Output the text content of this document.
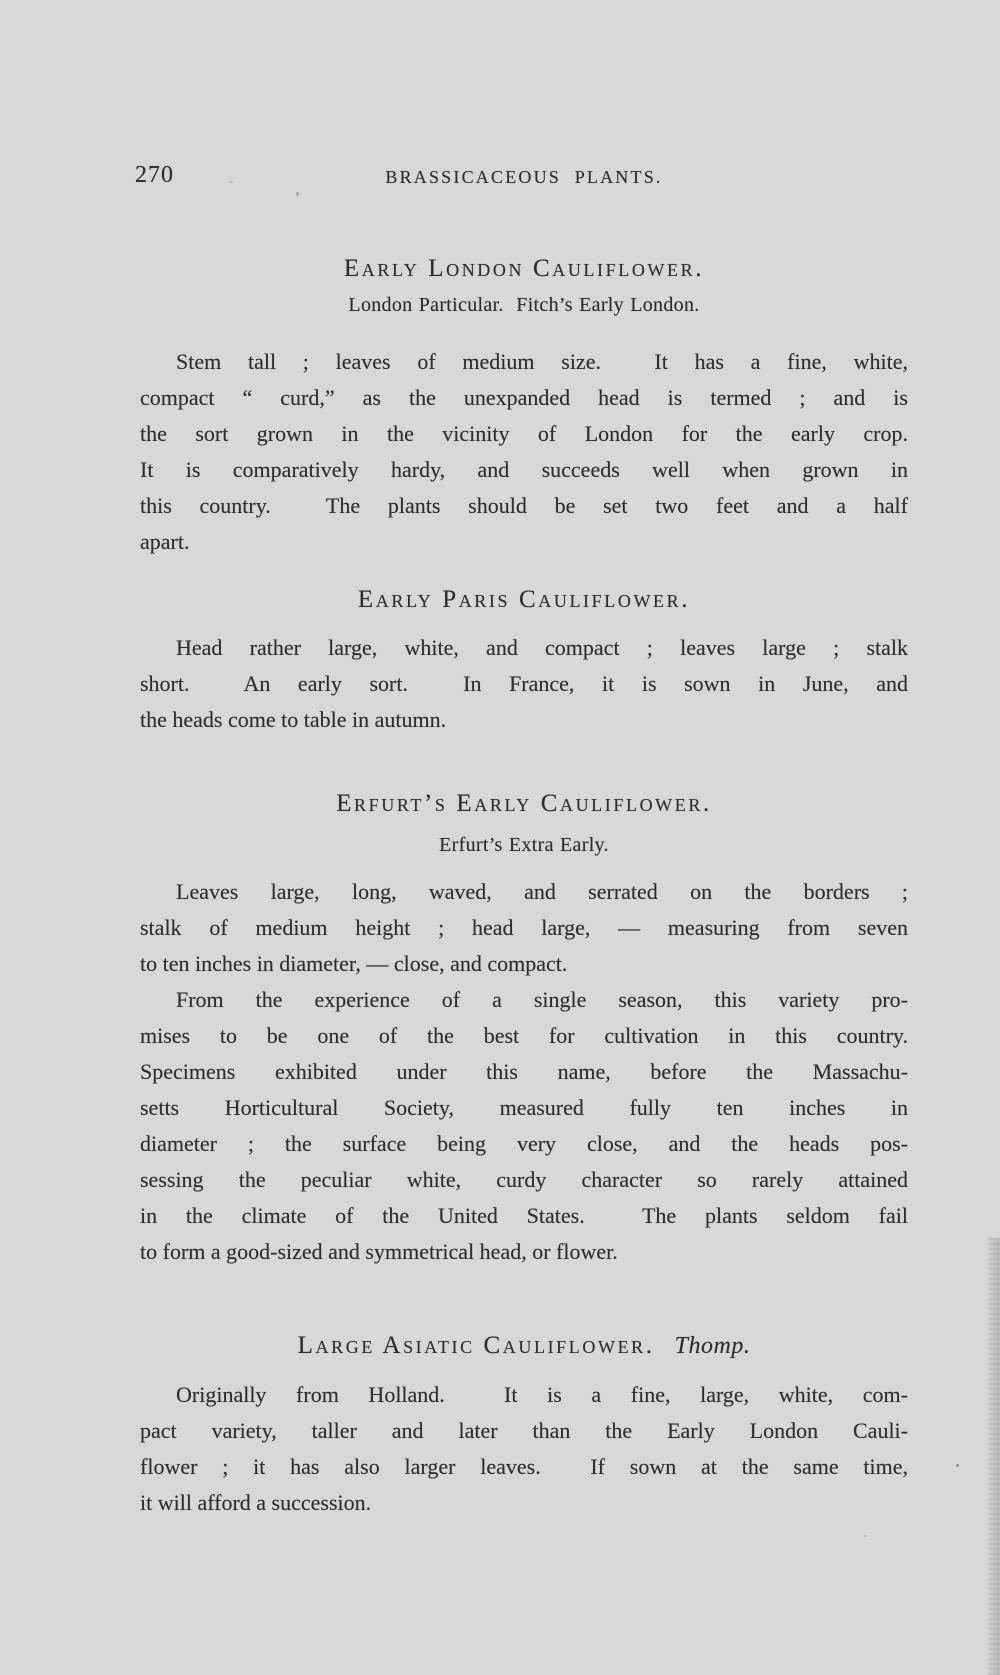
270	BRASSICACEOUS PLANTS.
Early London Cauliflower.

London Particular.  Fitch’s Early London.

Stem tall ; leaves of medium size.  It has a fine, white,
compact “ curd,” as the unexpanded head is termed ; and is
the sort grown in the vicinity of London for the early crop.
It is comparatively hardy, and succeeds well when grown in
this country.  The plants should be set two feet and a half
apart.
Early Paris Cauliflower.
Head rather large, white, and compact ; leaves large ; stalk
short.  An early sort.  In France, it is sown in June, and
the heads come to table in autumn.
Erfurt’s Early Cauliflower.

Erfurt’s Extra Early.

Leaves large, long, waved, and serrated on the borders ;
stalk of medium height ; head large, — measuring from seven
to ten inches in diameter, — close, and compact.
From the experience of a single season, this variety pro-
mises to be one of the best for cultivation in this country.
Specimens exhibited under this name, before the Massachu-
setts Horticultural Society, measured fully ten inches in
diameter ; the surface being very close, and the heads pos-
sessing the peculiar white, curdy character so rarely attained
in the climate of the United States.  The plants seldom fail
to form a good-sized and symmetrical head, or flower.
Large Asiatic Cauliflower. Thomp.
Originally from Holland.  It is a fine, large, white, com-
pact variety, taller and later than the Early London Cauli-
flower ; it has also larger leaves.  If sown at the same time,
it will afford a succession.
